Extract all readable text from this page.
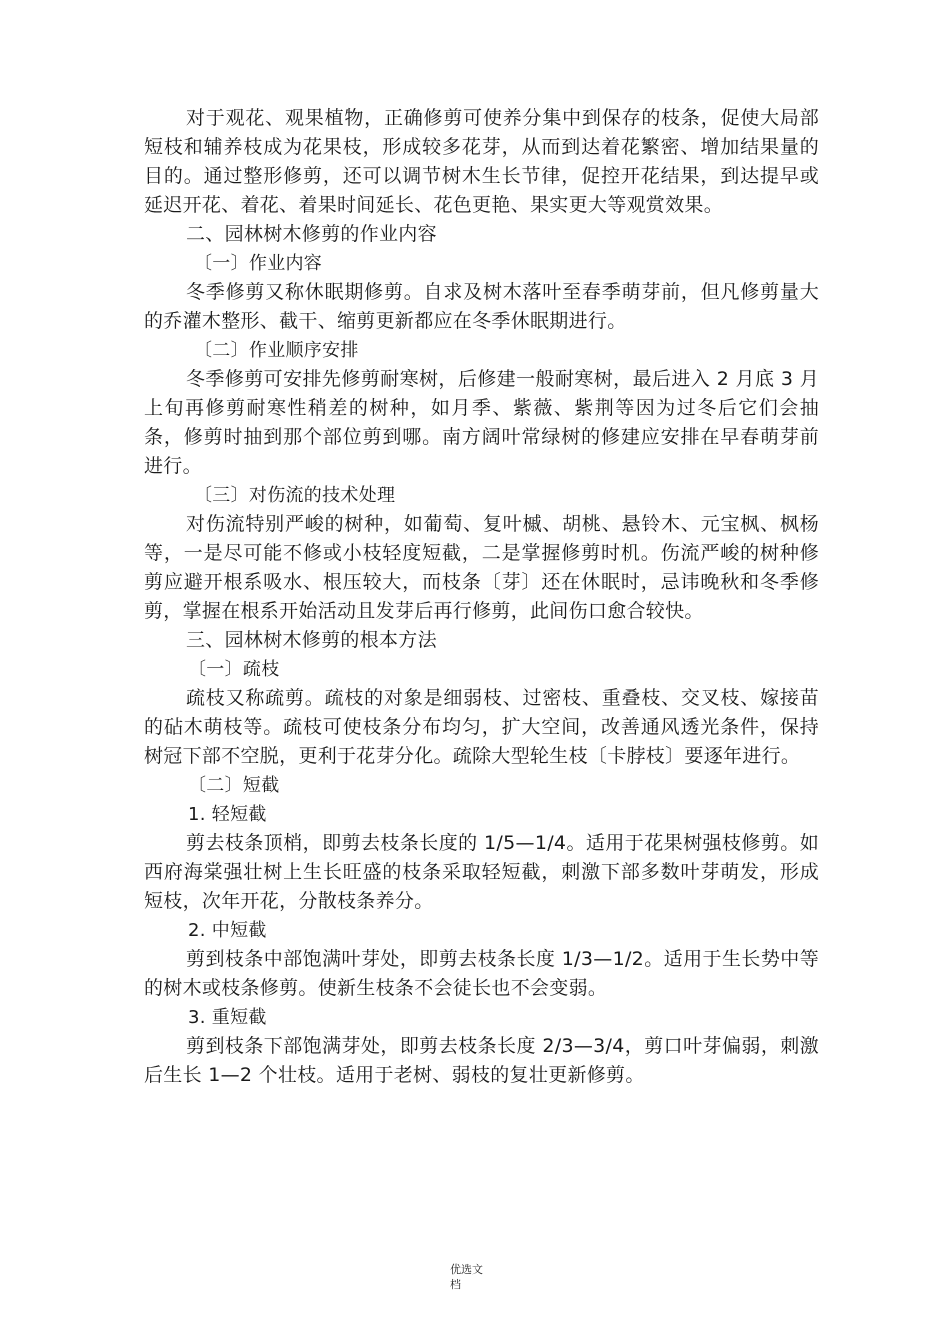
对于观花、观果植物，正确修剪可使养分集中到保存的枝条，促使大局部短枝和辅养枝成为花果枝，形成较多花芽，从而到达着花繁密、增加结果量的目的。通过整形修剪，还可以调节树木生长节律，促控开花结果，到达提早或延迟开花、着花、着果时间延长、花色更艳、果实更大等观赏效果。

二、园林树木修剪的作业内容

〔一〕作业内容

冬季修剪又称休眠期修剪。自求及树木落叶至春季萌芽前，但凡修剪量大的乔灌木整形、截干、缩剪更新都应在冬季休眠期进行。

〔二〕作业顺序安排

冬季修剪可安排先修剪耐寒树，后修建一般耐寒树，最后进入 2 月底 3 月上旬再修剪耐寒性稍差的树种，如月季、紫薇、紫荆等因为过冬后它们会抽条，修剪时抽到那个部位剪到哪。南方阔叶常绿树的修建应安排在早春萌芽前进行。

〔三〕对伤流的技术处理

对伤流特别严峻的树种，如葡萄、复叶槭、胡桃、悬铃木、元宝枫、枫杨等，一是尽可能不修或小枝轻度短截，二是掌握修剪时机。伤流严峻的树种修剪应避开根系吸水、根压较大，而枝条〔芽〕还在休眠时，忌讳晚秋和冬季修剪，掌握在根系开始活动且发芽后再行修剪，此间伤口愈合较快。

三、园林树木修剪的根本方法

〔一〕疏枝

疏枝又称疏剪。疏枝的对象是细弱枝、过密枝、重叠枝、交叉枝、嫁接苗的砧木萌枝等。疏枝可使枝条分布均匀，扩大空间，改善通风透光条件，保持树冠下部不空脱，更利于花芽分化。疏除大型轮生枝〔卡脖枝〕要逐年进行。

〔二〕短截

1. 轻短截

剪去枝条顶梢，即剪去枝条长度的 1/5—1/4。适用于花果树强枝修剪。如西府海棠强壮树上生长旺盛的枝条采取轻短截，刺激下部多数叶芽萌发，形成短枝，次年开花，分散枝条养分。

2. 中短截

剪到枝条中部饱满叶芽处，即剪去枝条长度 1/3—1/2。适用于生长势中等的树木或枝条修剪。使新生枝条不会徒长也不会变弱。

3. 重短截

剪到枝条下部饱满芽处，即剪去枝条长度 2/3—3/4，剪口叶芽偏弱，刺激后生长 1—2 个壮枝。适用于老树、弱枝的复壮更新修剪。

优选文
档
